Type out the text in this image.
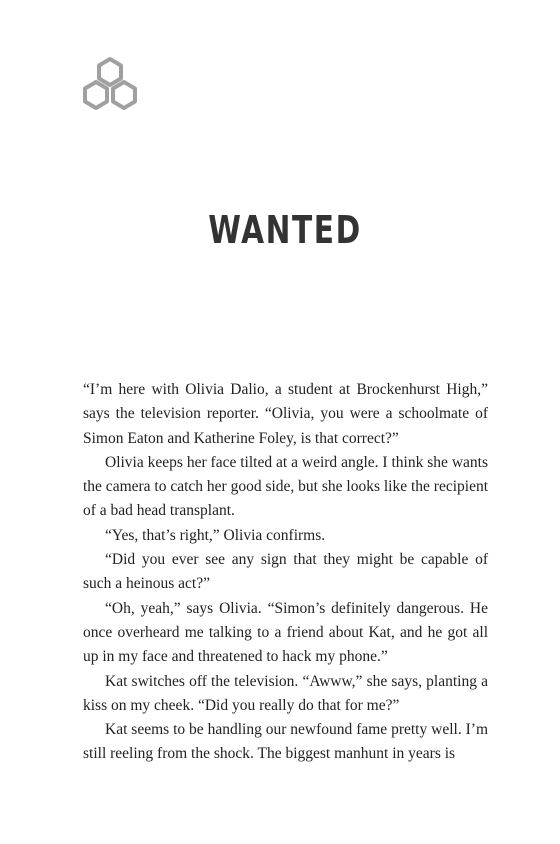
WANTED

“I’m here with Olivia Dalio, a student at Brockenhurst High,” says the television reporter. “Olivia, you were a schoolmate of Simon Eaton and Katherine Foley, is that correct?”

Olivia keeps her face tilted at a weird angle. I think she wants the camera to catch her good side, but she looks like the recipient of a bad head transplant.

“Yes, that’s right,” Olivia confirms.

“Did you ever see any sign that they might be capable of such a heinous act?”

“Oh, yeah,” says Olivia. “Simon’s definitely dangerous. He once overheard me talking to a friend about Kat, and he got all up in my face and threatened to hack my phone.”

Kat switches off the television. “Awww,” she says, planting a kiss on my cheek. “Did you really do that for me?”

Kat seems to be handling our newfound fame pretty well. I’m still reeling from the shock. The biggest manhunt in years is
